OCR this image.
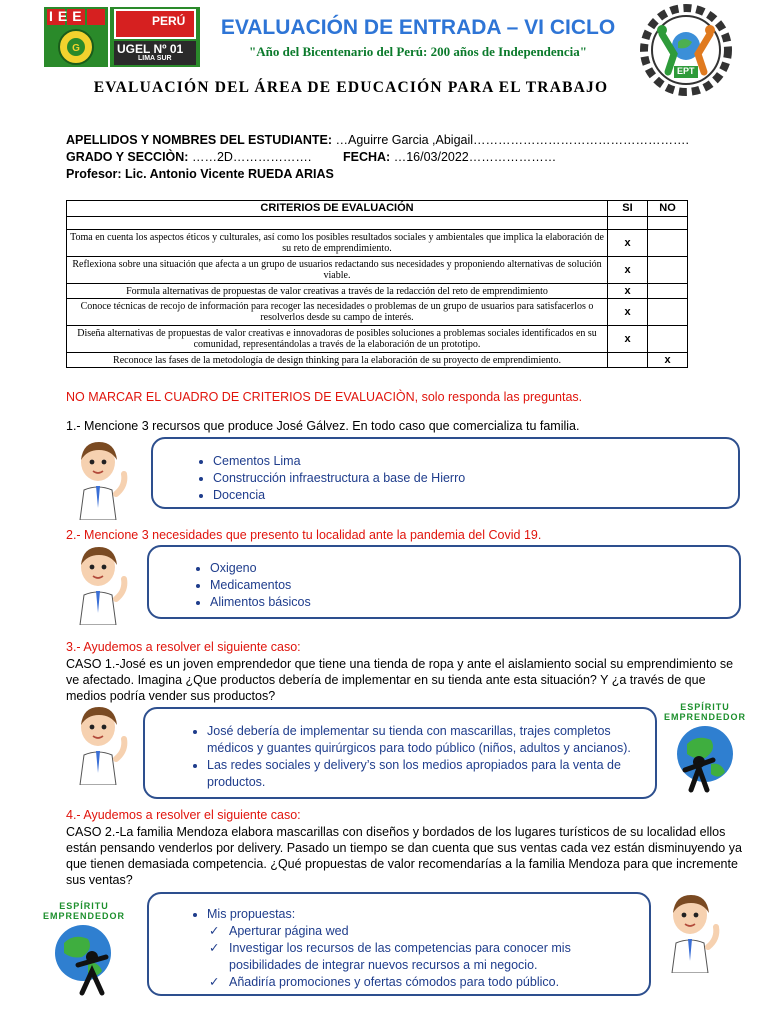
G
IEE	PERÚ
UGEL Nº 01
LIMA SUR
EVALUACIÓN DE ENTRADA – VI CICLO
"Año del Bicentenario del Perú: 200 años de Independencia"
EPT
EVALUACIÓN DEL ÁREA DE EDUCACIÓN PARA EL TRABAJO
APELLIDOS Y NOMBRES DEL ESTUDIANTE: …Aguirre Garcia ,Abigail…………………………………………….
GRADO Y SECCIÒN: ……2D……………….	FECHA: …16/03/2022…………………
Profesor: Lic. Antonio Vicente RUEDA ARIAS
CRITERIOS DE EVALUACIÓN	SI	NO

Toma en cuenta los aspectos éticos y culturales, así como los posibles resultados sociales y ambientales que implica la elaboración de su reto de emprendimiento.	x	
Reflexiona sobre una situación que afecta a un grupo de usuarios redactando sus necesidades y proponiendo alternativas de solución viable.	x	
Formula alternativas de propuestas de valor creativas a través de la redacción del reto de emprendimiento	x	
Conoce técnicas de recojo de información para recoger las necesidades o problemas de un grupo de usuarios para satisfacerlos o resolverlos desde su campo de interés.	x	
Diseña alternativas de propuestas de valor creativas e innovadoras de posibles soluciones a problemas sociales identificados en su comunidad, representándolas a través de la elaboración de un prototipo.	x	
Reconoce las fases de la metodología de design thinking para la elaboración de su proyecto de emprendimiento.		x
NO MARCAR EL CUADRO DE CRITERIOS DE EVALUACIÒN, solo responda las preguntas.
1.- Mencione 3 recursos que produce José Gálvez. En todo caso que comercializa tu familia.
• Cementos Lima
• Construcción infraestructura a base de Hierro
• Docencia
2.- Mencione 3 necesidades que presento tu localidad ante la pandemia del Covid 19.
• Oxigeno
• Medicamentos
• Alimentos básicos
3.- Ayudemos a resolver el siguiente caso:
CASO 1.-José es un joven emprendedor que tiene una tienda de ropa y ante el aislamiento social su emprendimiento se ve afectado. Imagina ¿Que productos debería de implementar en su tienda ante esta situación? Y ¿a través de que medios podría vender sus productos?
• José debería de implementar su tienda con mascarillas, trajes completos médicos y guantes quirúrgicos para todo público (niños, adultos y ancianos).
• Las redes sociales y delivery’s son los medios apropiados para la venta de productos.
ESPÍRITU EMPRENDEDOR
4.- Ayudemos a resolver el siguiente caso:
CASO 2.-La familia Mendoza elabora mascarillas con diseños y bordados de los lugares turísticos de su localidad ellos están pensando venderlos por delivery. Pasado un tiempo se dan cuenta que sus ventas cada vez están disminuyendo ya que tienen demasiada competencia. ¿Qué propuestas de valor recomendarías a la familia Mendoza para que incremente sus ventas?
ESPÍRITU EMPRENDEDOR	• Mis propuestas:
✓ Aperturar página wed
✓ Investigar los recursos de las competencias para conocer mis posibilidades de integrar nuevos recursos a mi negocio.
✓ Añadiría promociones y ofertas cómodos para todo público.
